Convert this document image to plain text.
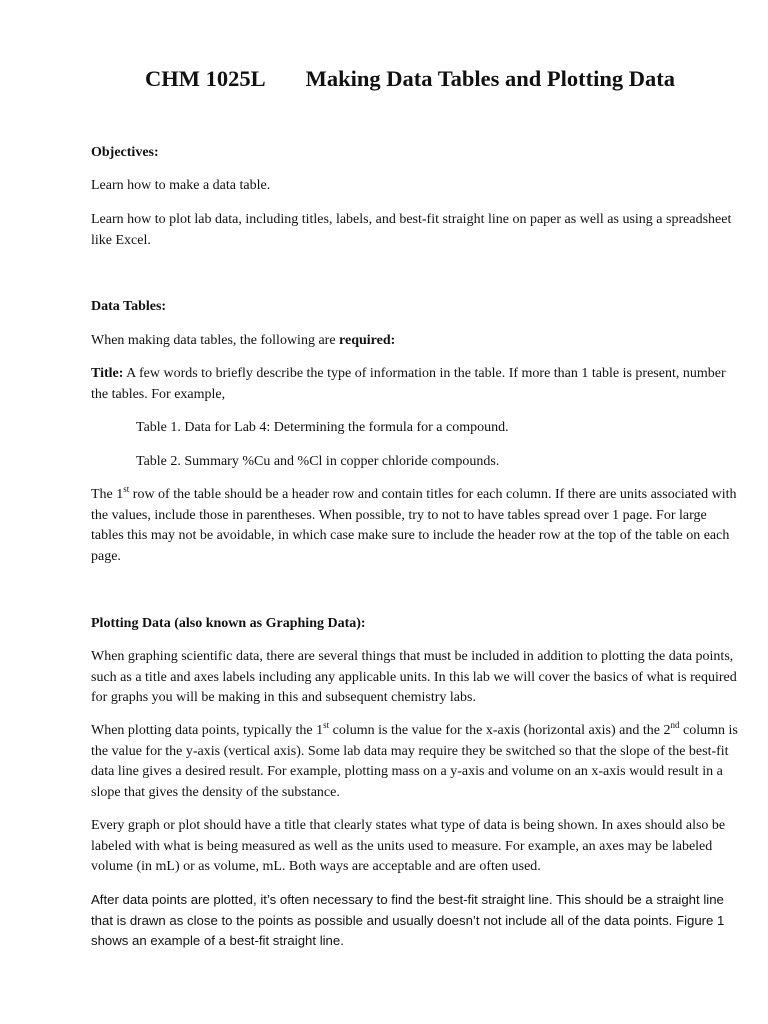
CHM 1025L Making Data Tables and Plotting Data

Objectives:

Learn how to make a data table.

Learn how to plot lab data, including titles, labels, and best-fit straight line on paper as well as using a spreadsheet like Excel.

Data Tables:

When making data tables, the following are required:

Title: A few words to briefly describe the type of information in the table. If more than 1 table is present, number the tables. For example,

Table 1. Data for Lab 4: Determining the formula for a compound.

Table 2. Summary %Cu and %Cl in copper chloride compounds.

The 1st row of the table should be a header row and contain titles for each column. If there are units associated with the values, include those in parentheses. When possible, try to not to have tables spread over 1 page. For large tables this may not be avoidable, in which case make sure to include the header row at the top of the table on each page.

Plotting Data (also known as Graphing Data):

When graphing scientific data, there are several things that must be included in addition to plotting the data points, such as a title and axes labels including any applicable units. In this lab we will cover the basics of what is required for graphs you will be making in this and subsequent chemistry labs.

When plotting data points, typically the 1st column is the value for the x-axis (horizontal axis) and the 2nd column is the value for the y-axis (vertical axis). Some lab data may require they be switched so that the slope of the best-fit data line gives a desired result. For example, plotting mass on a y-axis and volume on an x-axis would result in a slope that gives the density of the substance.

Every graph or plot should have a title that clearly states what type of data is being shown. In axes should also be labeled with what is being measured as well as the units used to measure. For example, an axes may be labeled volume (in mL) or as volume, mL. Both ways are acceptable and are often used.

After data points are plotted, it’s often necessary to find the best-fit straight line. This should be a straight line that is drawn as close to the points as possible and usually doesn’t not include all of the data points. Figure 1 shows an example of a best-fit straight line.
